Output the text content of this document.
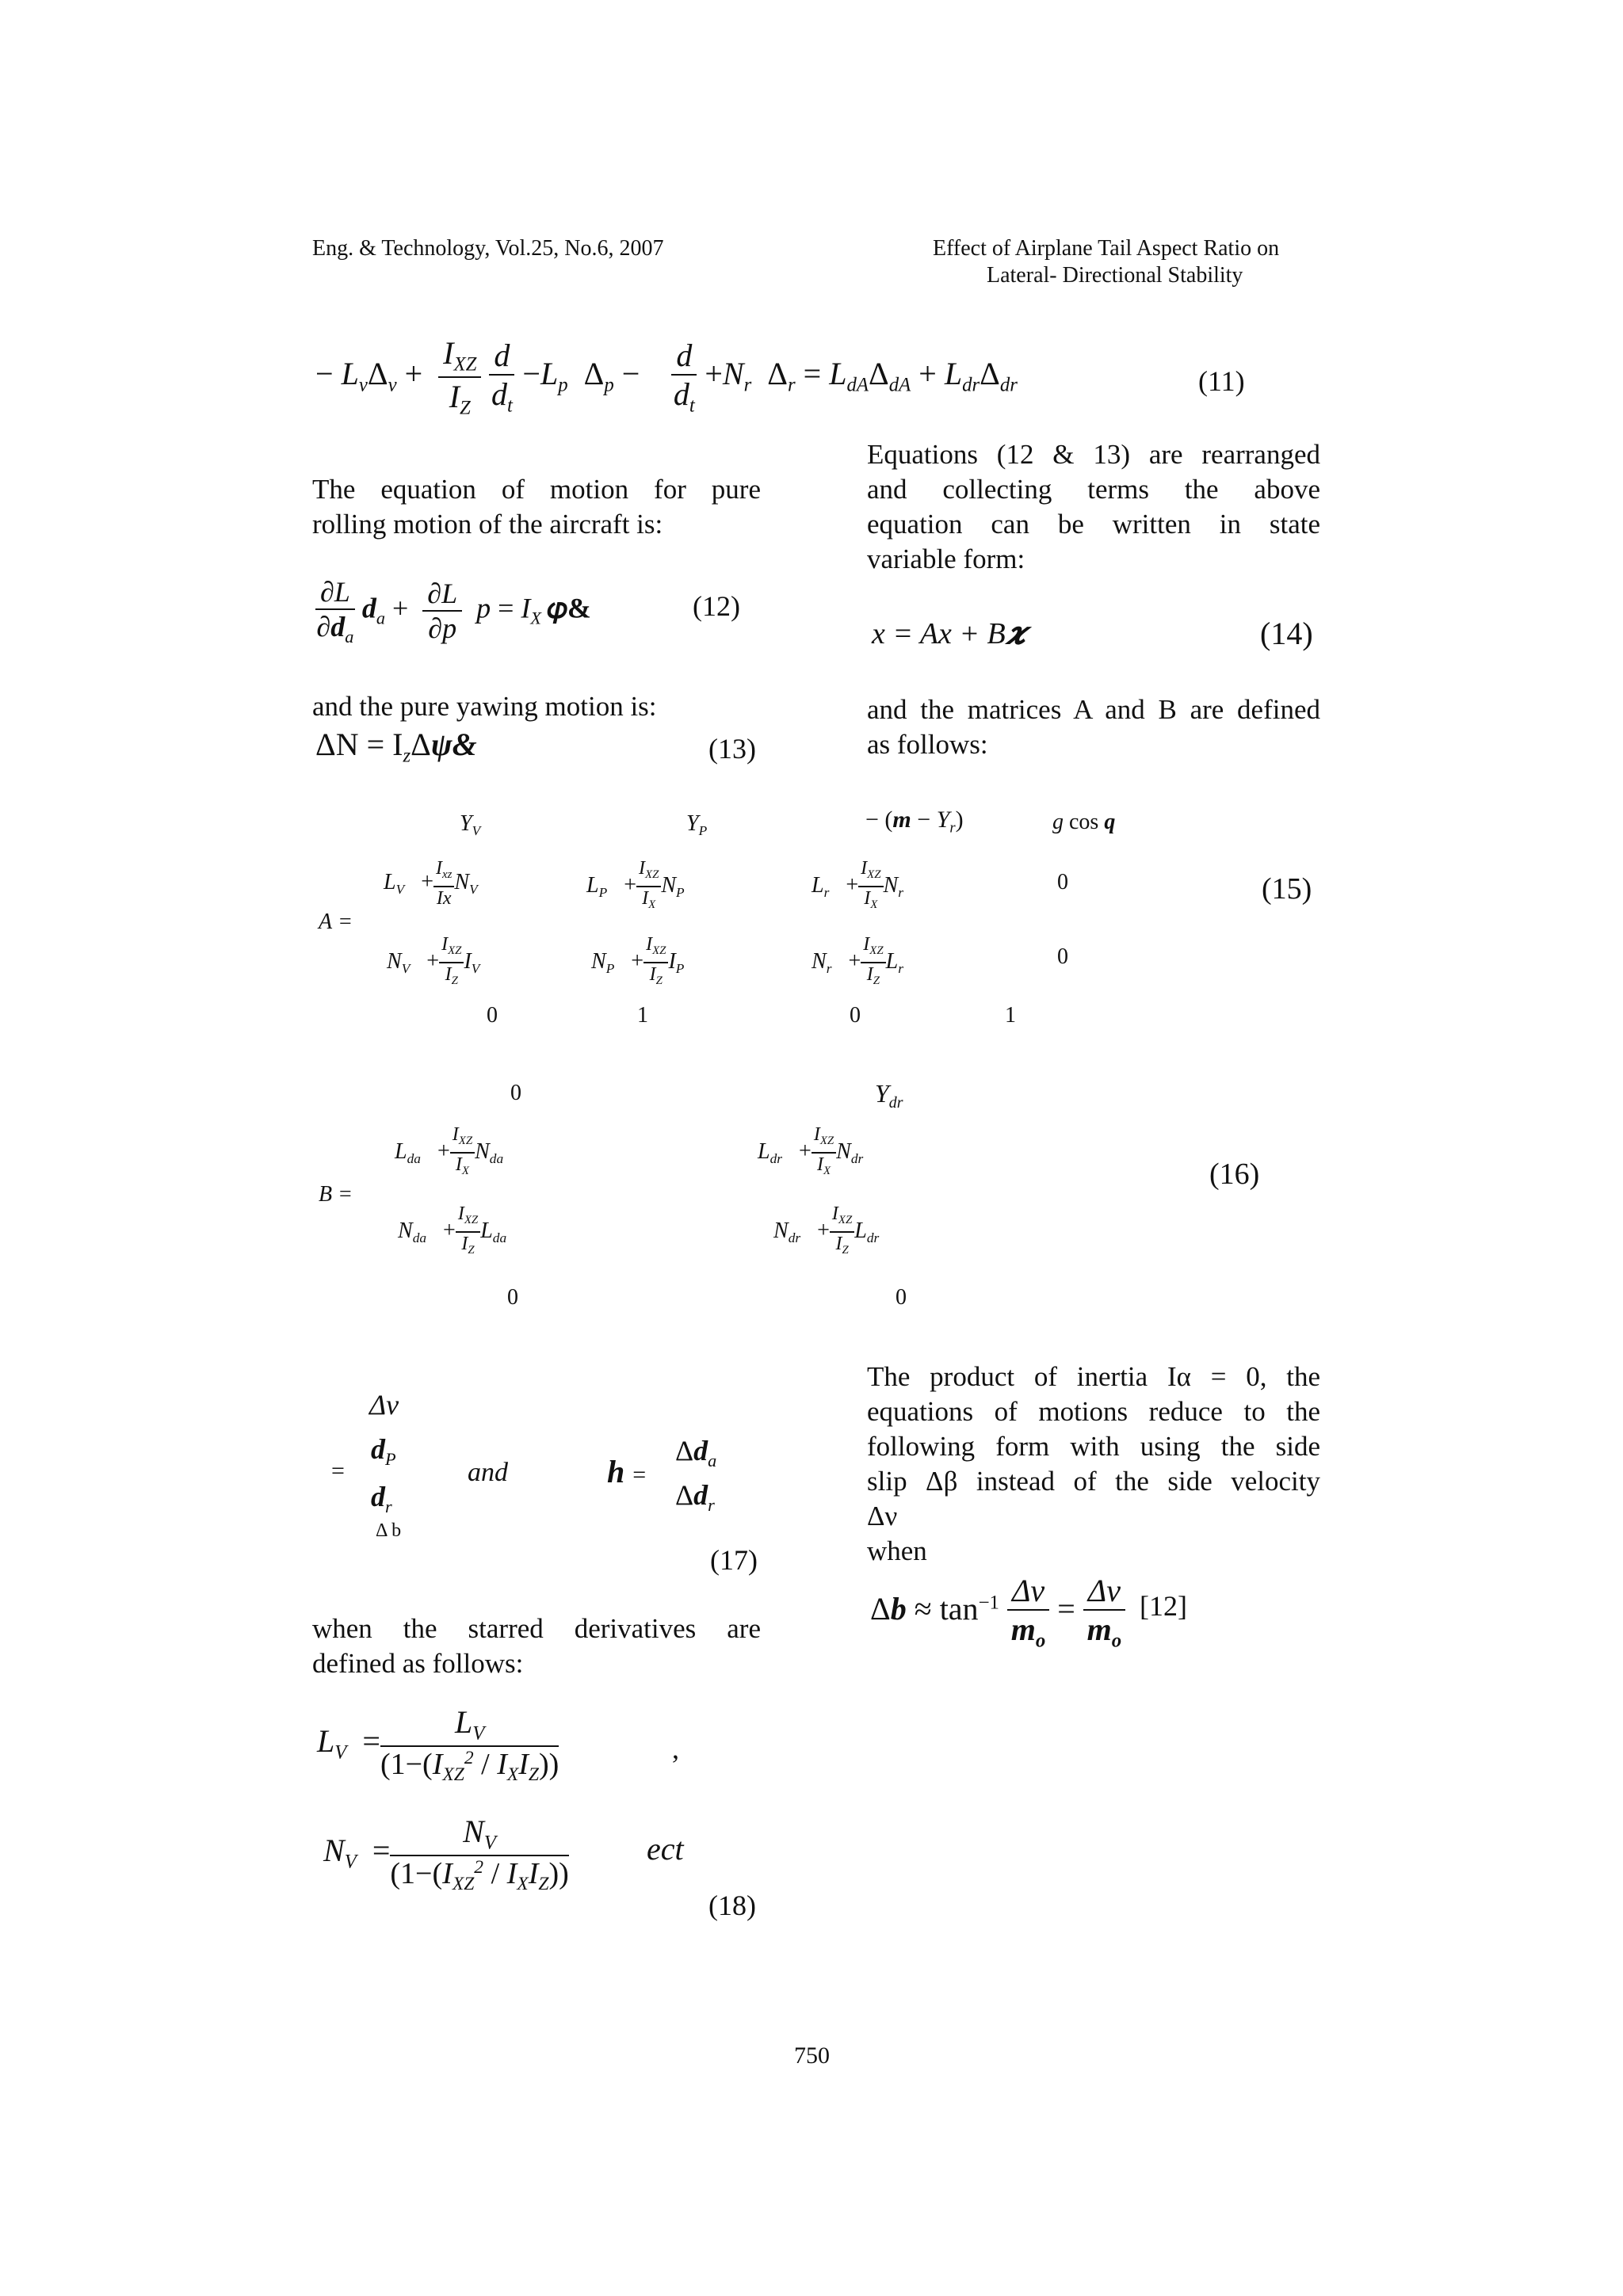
Eng. & Technology, Vol.25, No.6, 2007	Effect of Airplane Tail Aspect Ratio on
Lateral- Directional Stability
− $L_v\Delta_v + \frac{I_{XZ}}{I_Z}$
$\frac{d}{d_t} -L_p$  $\Delta_p - \frac{d}{d_t} +N_r$  $\Delta_r = L_{dA}\Delta_{dA} + L_{dr}\Delta_{dr}$	(11)
The equation of motion for pure
rolling motion of the aircraft is:
$\frac{\partial L}{\partial d_a} d_a + \frac{\partial L}{\partial p}$ $p = I_X$ 𝜑&	(12)
and the pure yawing motion is:
$\Delta N = I_z\Delta\psi\&$	(13)
Equations (12 & 13) are rearranged
and collecting terms the above
equation can be written in state
variable form:
x = Ax + B𝝒	(14)
and the matrices A and B are defined
as follows:
A =
$Y_V$	$Y_P$	− $(m - Y_r)$	g cos q
$L_V + \frac{I_{xz}}{Ix} N_V$	$L_P + \frac{I_{XZ}}{I_X} N_P$	$L_r + \frac{I_{XZ}}{I_X} N_r$	0	(15)
$N_V + \frac{I_{XZ}}{I_Z} I_V$	$N_P + \frac{I_{XZ}}{I_Z} I_P$	$N_r + \frac{I_{XZ}}{I_Z} L_r$	0
0	1	0	1
B =
0	$Y_{dr}$
$L_{da} + \frac{I_{XZ}}{I_X} N_{da}$	$L_{dr} + \frac{I_{XZ}}{I_X} N_{dr}$	(16)
$N_{da} + \frac{I_{XZ}}{I_Z} L_{da}$	$N_{dr} + \frac{I_{XZ}}{I_Z} L_{dr}$
0	0
=
Δv
$d_P$
$d_r$
Δ b
and	h =
$\Delta d_a$
$\Delta d_r$
(17)
when the starred derivatives are
defined as follows:
$L_V = \frac{L_V}{(1-(I_{XZ}^2 / I_XI_Z))}$	,
$N_V = \frac{N_V}{(1-(I_{XZ}^2 / I_XI_Z))}$ ect
(18)
The product of inertia Iα = 0, the
equations of motions reduce to the
following form with using the side
slip Δβ instead of the side velocity
Δν
when
$\Delta b \approx \tan^{-1} \frac{\Delta v}{m_o} = \frac{\Delta v}{m_o} [12]$
750
